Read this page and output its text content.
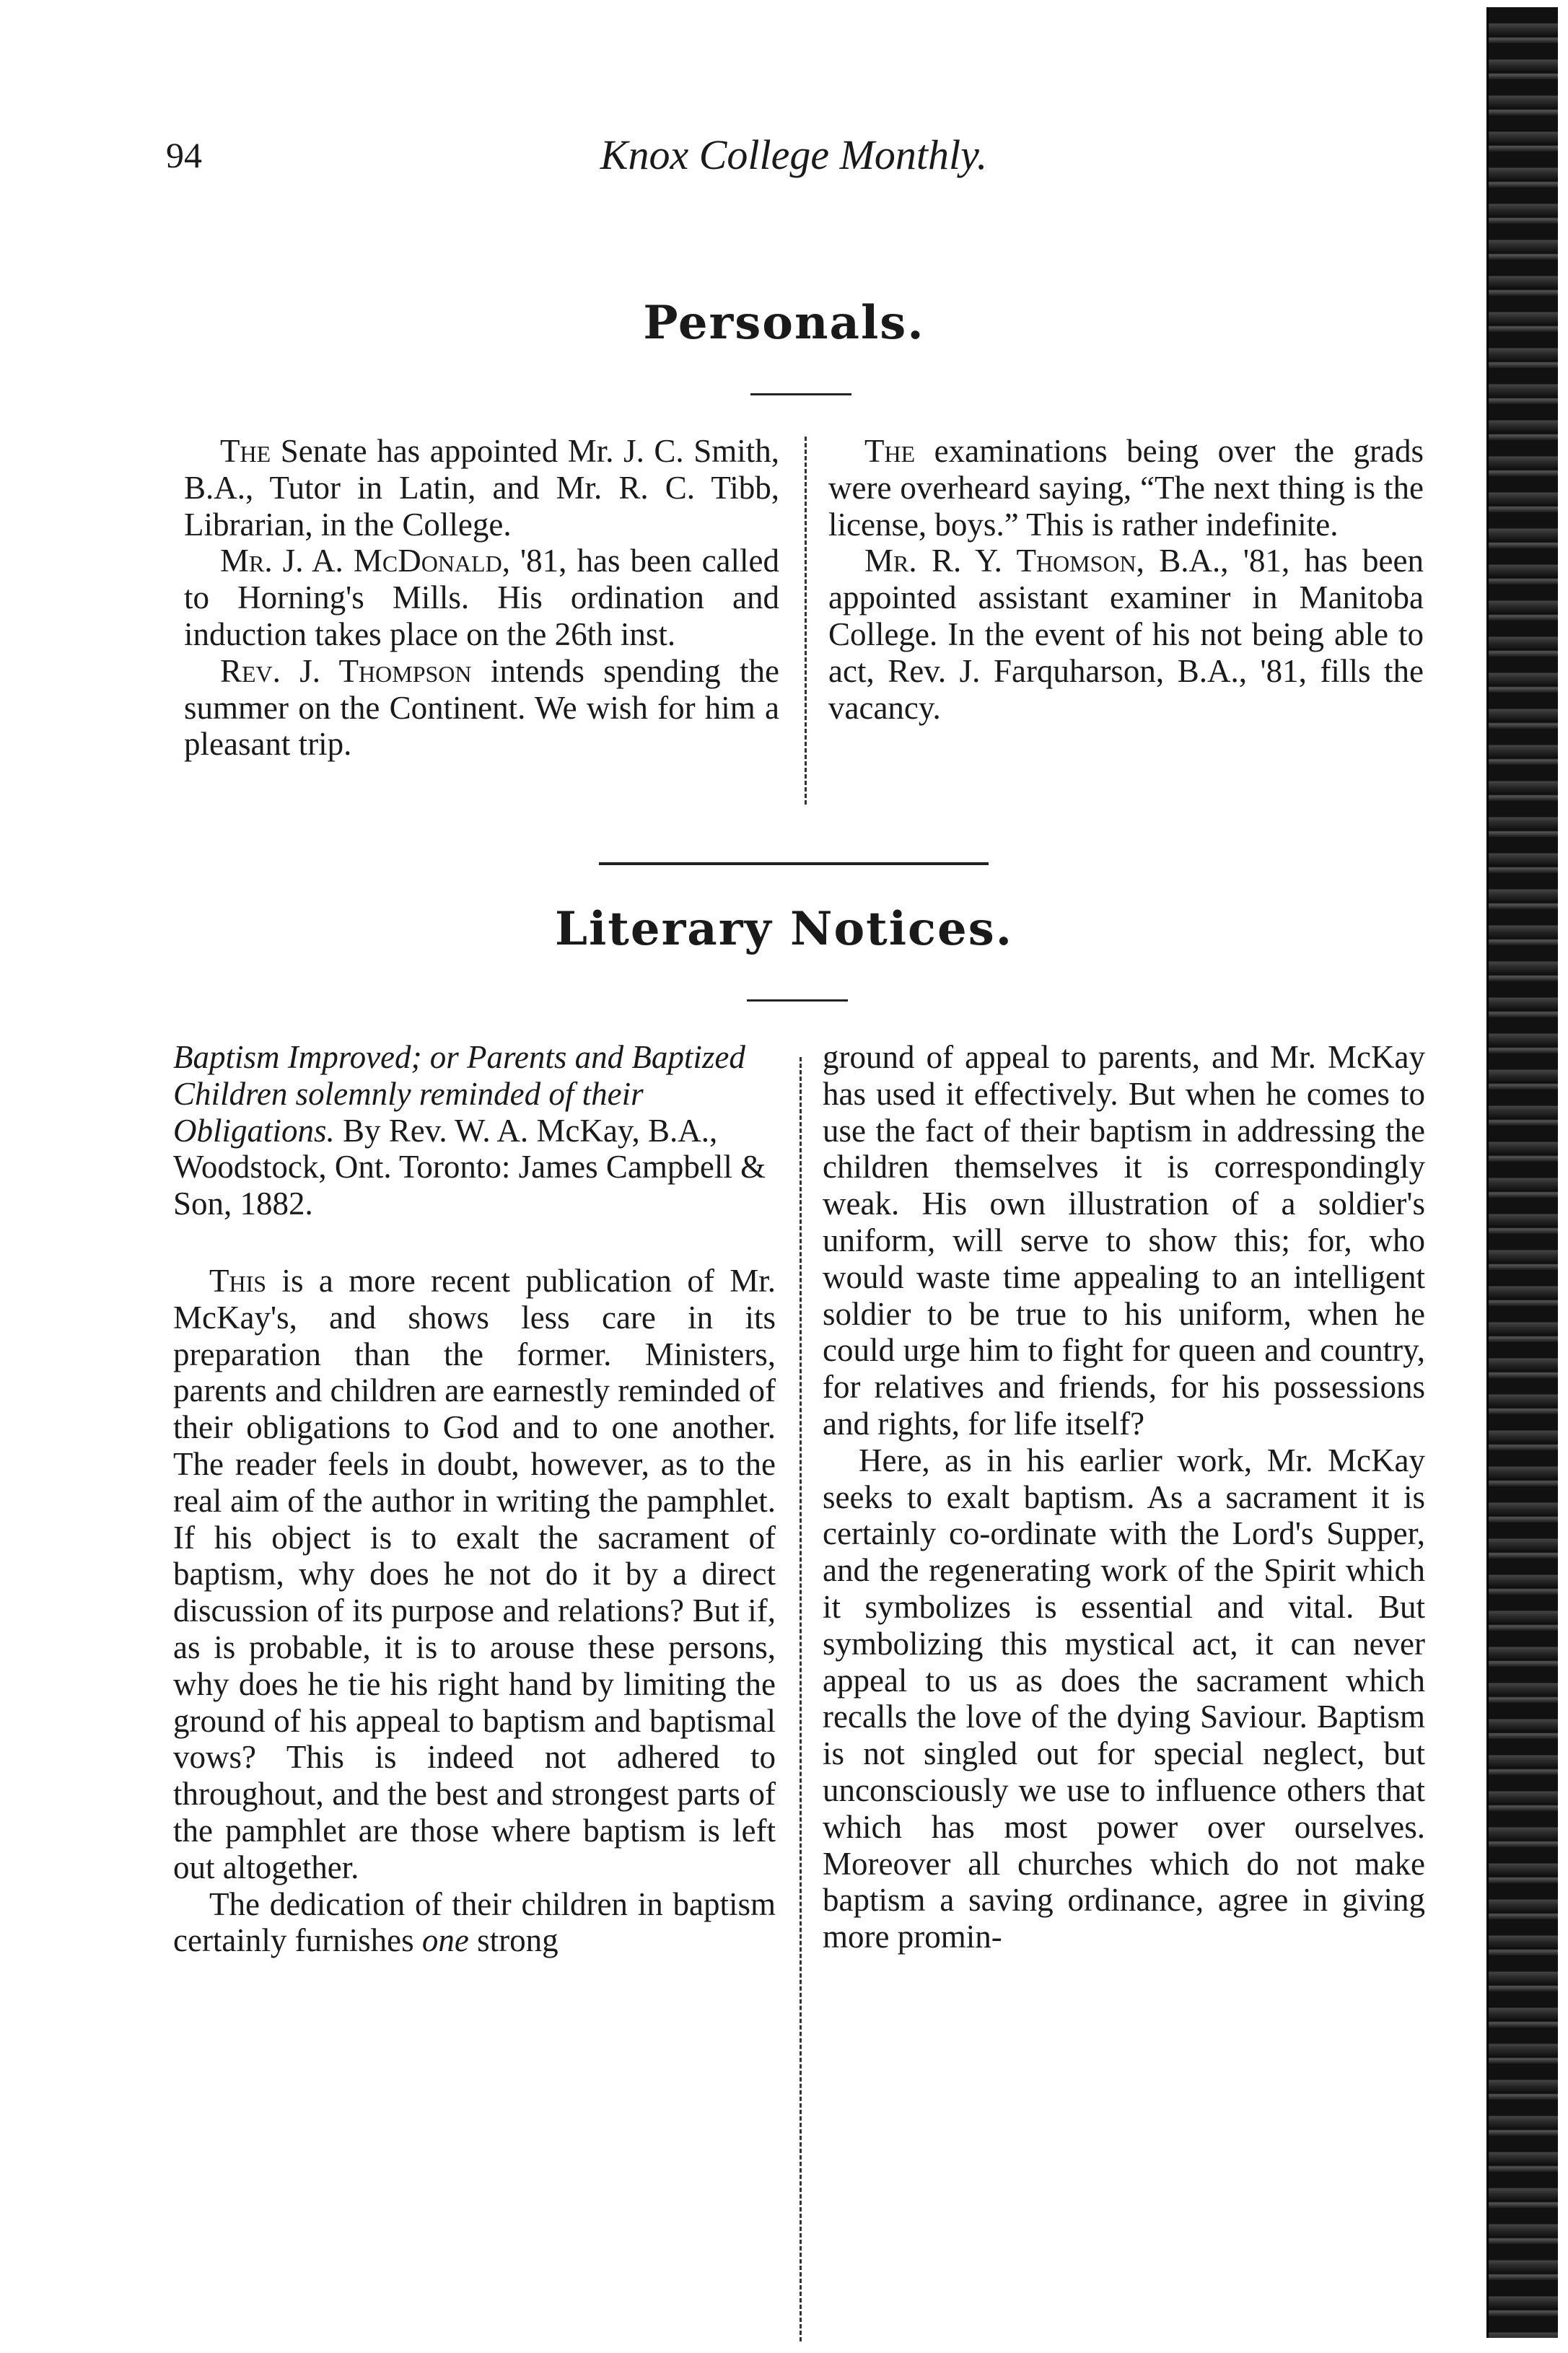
94	Knox College Monthly.
Personals.

The Senate has appointed Mr. J. C. Smith, B.A., Tutor in Latin, and Mr. R. C. Tibb, Librarian, in the College.

Mr. J. A. McDonald, '81, has been called to Horning's Mills. His ordination and induction takes place on the 26th inst.

Rev. J. Thompson intends spending the summer on the Continent. We wish for him a pleasant trip.

The examinations being over the grads were overheard saying, “The next thing is the license, boys.” This is rather indefinite.

Mr. R. Y. Thomson, B.A., '81, has been appointed assistant examiner in Manitoba College. In the event of his not being able to act, Rev. J. Farquharson, B.A., '81, fills the vacancy.

Literary Notices.
Baptism Improved; or Parents and Baptized Children solemnly reminded of their Obligations. By Rev. W. A. McKay, B.A., Woodstock, Ont. Toronto: James Campbell & Son, 1882.

This is a more recent publication of Mr. McKay's, and shows less care in its preparation than the former. Ministers, parents and children are earnestly reminded of their obligations to God and to one another. The reader feels in doubt, however, as to the real aim of the author in writing the pamphlet. If his object is to exalt the sacrament of baptism, why does he not do it by a direct discussion of its purpose and relations? But if, as is probable, it is to arouse these persons, why does he tie his right hand by limiting the ground of his appeal to baptism and baptismal vows? This is indeed not adhered to throughout, and the best and strongest parts of the pamphlet are those where baptism is left out altogether.

The dedication of their children in baptism certainly furnishes one strong

ground of appeal to parents, and Mr. McKay has used it effectively. But when he comes to use the fact of their baptism in addressing the children themselves it is correspondingly weak. His own illustration of a soldier's uniform, will serve to show this; for, who would waste time appealing to an intelligent soldier to be true to his uniform, when he could urge him to fight for queen and country, for relatives and friends, for his possessions and rights, for life itself?

Here, as in his earlier work, Mr. McKay seeks to exalt baptism. As a sacrament it is certainly co-ordinate with the Lord's Supper, and the regenerating work of the Spirit which it symbolizes is essential and vital. But symbolizing this mystical act, it can never appeal to us as does the sacrament which recalls the love of the dying Saviour. Baptism is not singled out for special neglect, but unconsciously we use to influence others that which has most power over ourselves. Moreover all churches which do not make baptism a saving ordinance, agree in giving more promin-
